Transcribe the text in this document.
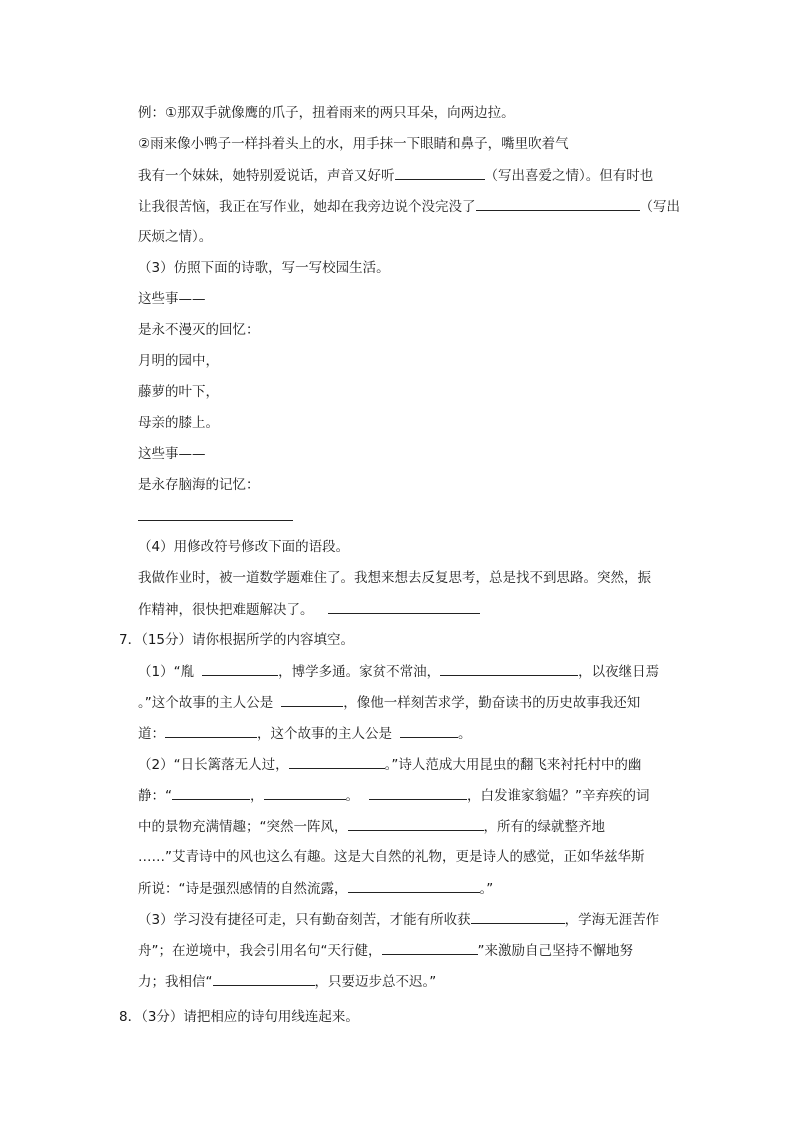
例：①那双手就像鹰的爪子，扭着雨来的两只耳朵，向两边拉。
②雨来像小鸭子一样抖着头上的水，用手抹一下眼睛和鼻子，嘴里吹着气
我有一个妹妹，她特别爱说话，声音又好听	（写出喜爱之情）。但有时也
让我很苦恼，我正在写作业，她却在我旁边说个没完没了	（写出
厌烦之情）。
（3）仿照下面的诗歌，写一写校园生活。
这些事——
是永不漫灭的回忆：
月明的园中，
藤萝的叶下，
母亲的膝上。
这些事——
是永存脑海的记忆：
（4）用修改符号修改下面的语段。
我做作业时，被一道数学题难住了。我想来想去反复思考，总是找不到思路。突然，振
作精神，很快把难题解决了。
7．（15分）请你根据所学的内容填空。
（1）“胤	，博学多通。家贫不常油，	，以夜继日焉
。”这个故事的主人公是	，像他一样刻苦求学，勤奋读书的历史故事我还知
道：	，这个故事的主人公是	。
（2）“日长篱落无人过，	。”诗人范成大用昆虫的翻飞来衬托村中的幽
静：“	，	。	，白发谁家翁媪？”辛弃疾的词
中的景物充满情趣；“突然一阵风，	，所有的绿就整齐地
……”艾青诗中的风也这么有趣。这是大自然的礼物，更是诗人的感觉，正如华兹华斯
所说：“诗是强烈感情的自然流露，	。”
（3）学习没有捷径可走，只有勤奋刻苦，才能有所收获	，学海无涯苦作
舟”；在逆境中，我会引用名句“天行健，	”来激励自己坚持不懈地努
力；我相信“	，只要迈步总不迟。”
8．（3分）请把相应的诗句用线连起来。
